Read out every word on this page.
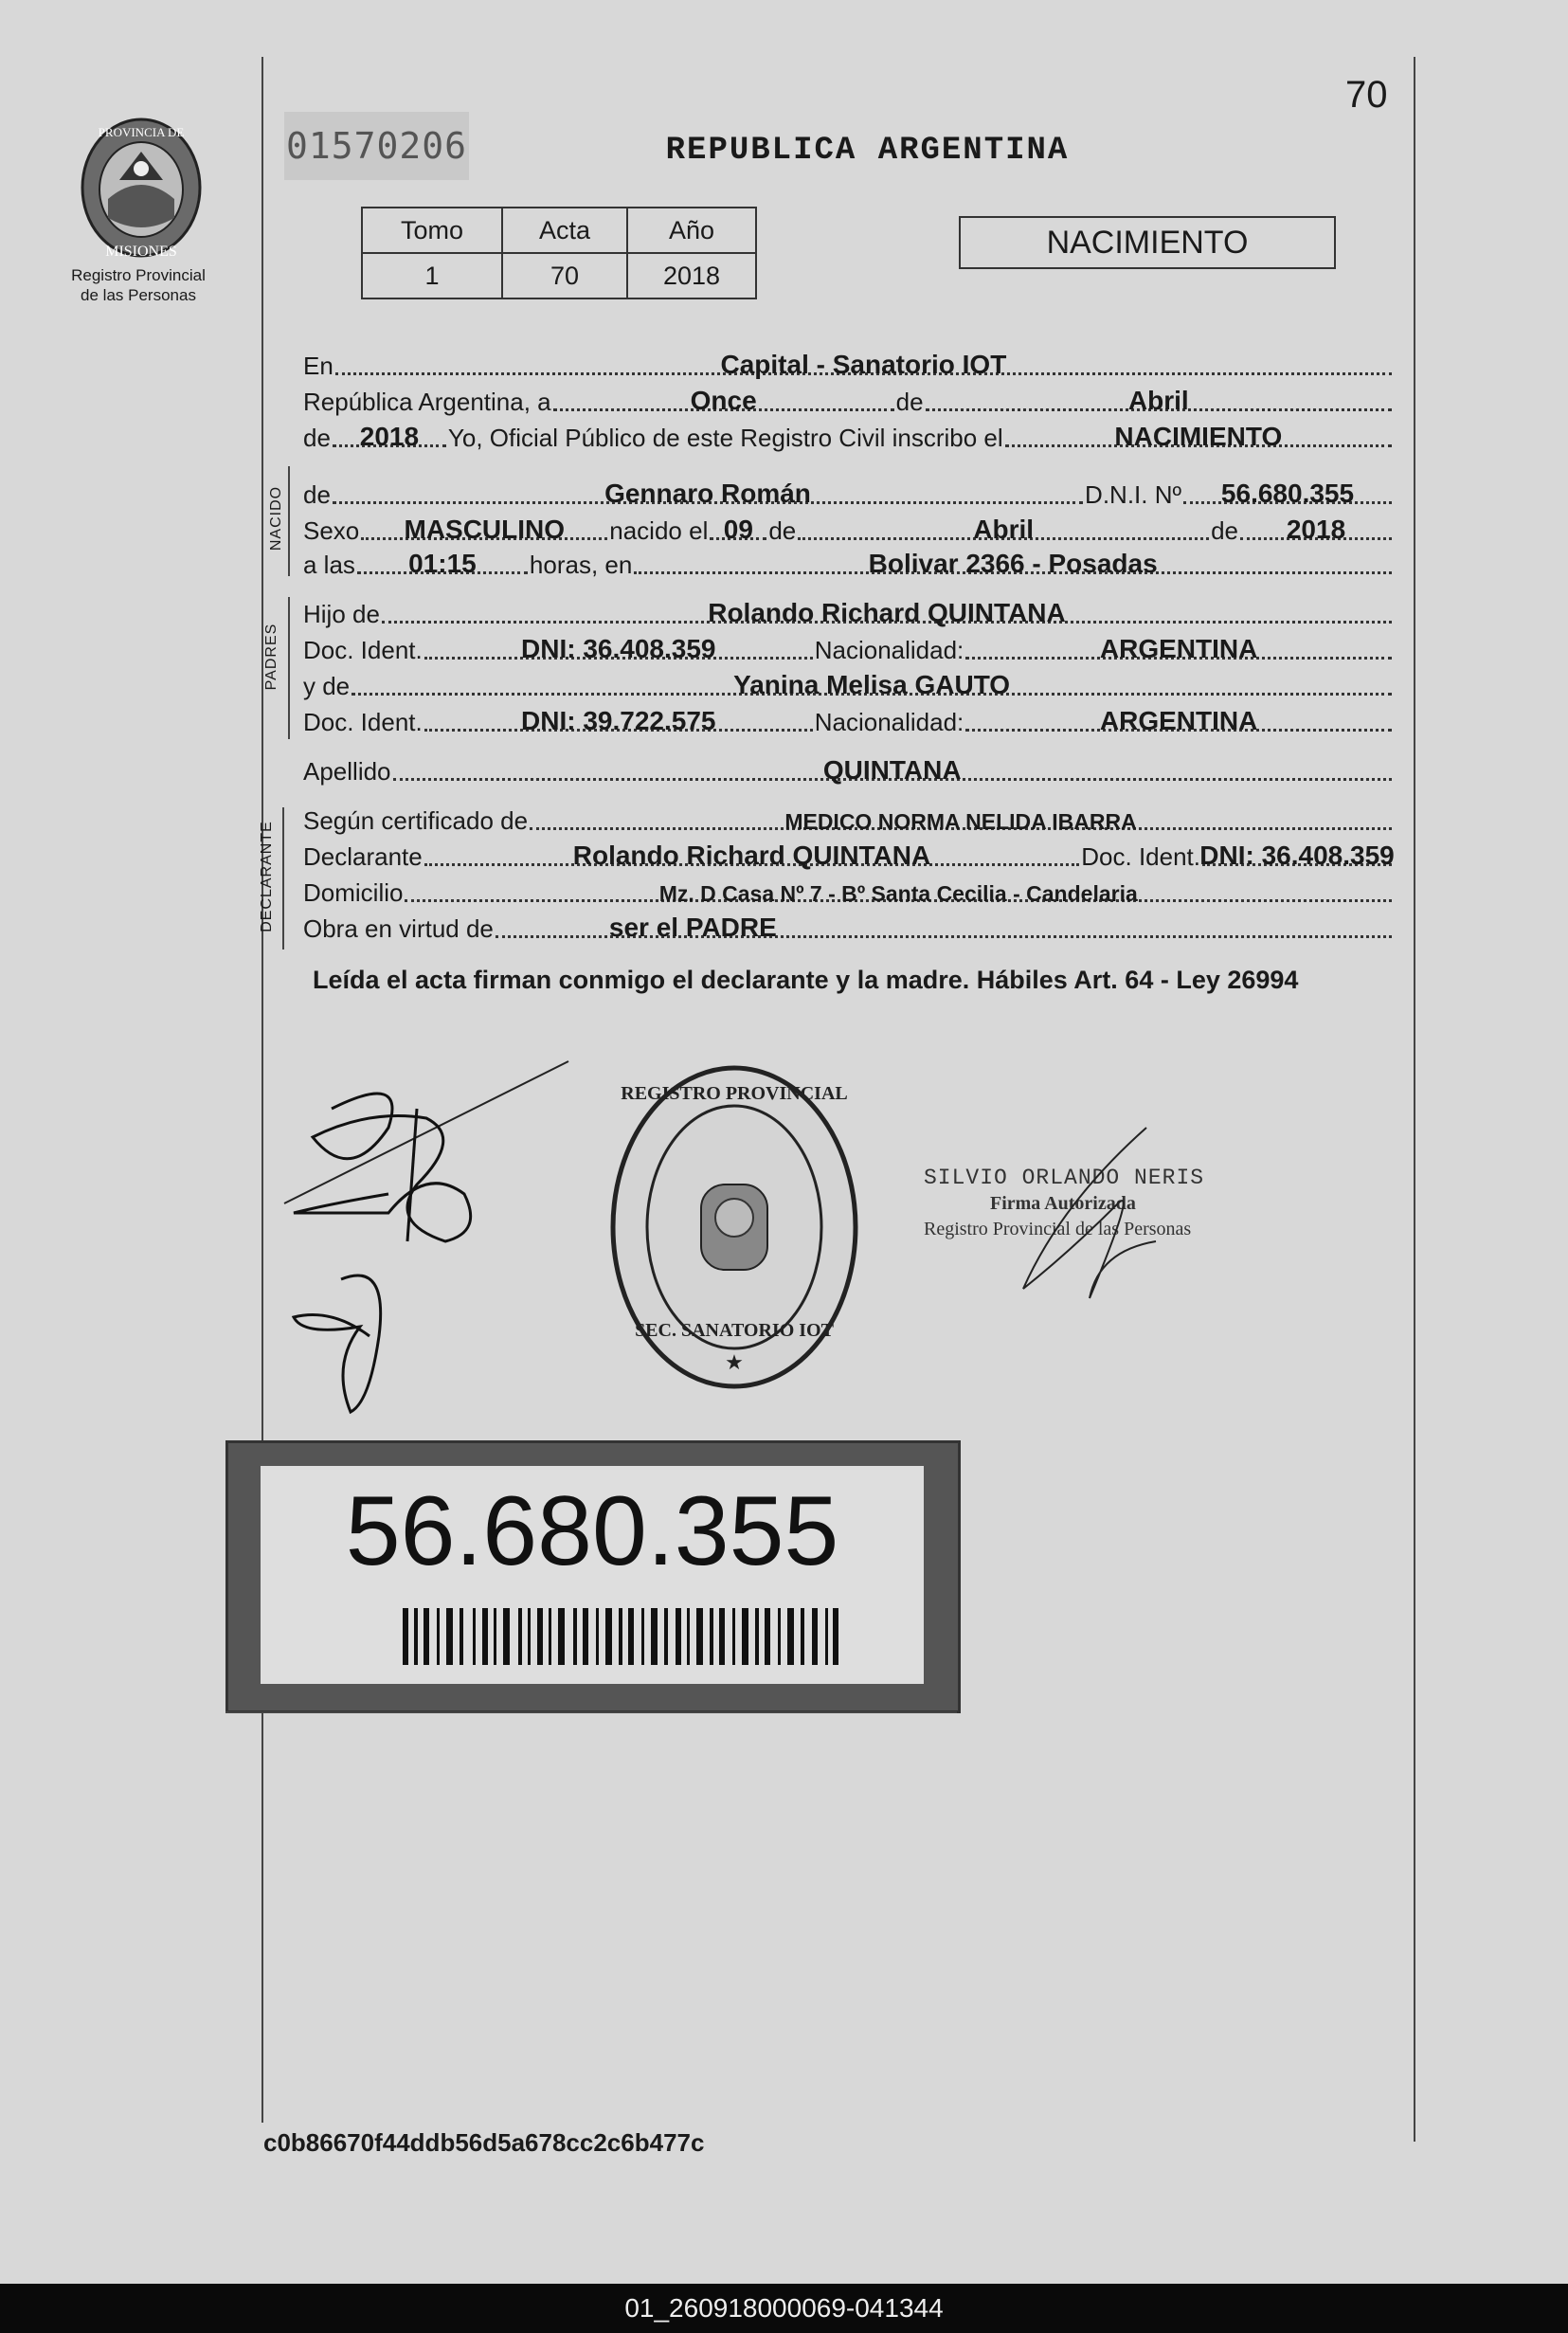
PROVINCIA DE
MISIONES
Registro Provincial
de las Personas
01570206	REPUBLICA ARGENTINA
70
Tomo	Acta	Año
1	70	2018
NACIMIENTO
En	Capital - Sanatorio IOT
República Argentina, a	Once	de	Abril
de 2018 Yo, Oficial Público de este Registro Civil inscribo el	NACIMIENTO
NACIDO de	Gennaro Román	D.N.I. Nº 56.680.355
Sexo MASCULINO nacido el 09 de	Abril	de 2018
a las 01:15 horas, en	Bolivar 2366 - Posadas
PADRES
Hijo de	Rolando Richard QUINTANA
Doc. Ident.	DNI: 36.408.359	Nacionalidad:	ARGENTINA
y de	Yanina Melisa GAUTO
Doc. Ident.	DNI: 39.722.575	Nacionalidad:	ARGENTINA
Apellido	QUINTANA
DECLARANTE
Según certificado de	MEDICO NORMA NELIDA IBARRA
Declarante	Rolando Richard QUINTANA	Doc. Ident. DNI: 36.408.359
Domicilio	Mz. D Casa Nº 7 - Bº Santa Cecilia - Candelaria
Obra en virtud de	ser el PADRE
Leída el acta firman conmigo el declarante y la madre. Hábiles Art. 64 - Ley 26994
REGISTRO PROVINCIAL
SEC. SANATORIO IOT
★
SILVIO ORLANDO NERIS
Firma Autorizada
Registro Provincial de las Personas
56.680.355
c0b86670f44ddb56d5a678cc2c6b477c
01_260918000069-041344
